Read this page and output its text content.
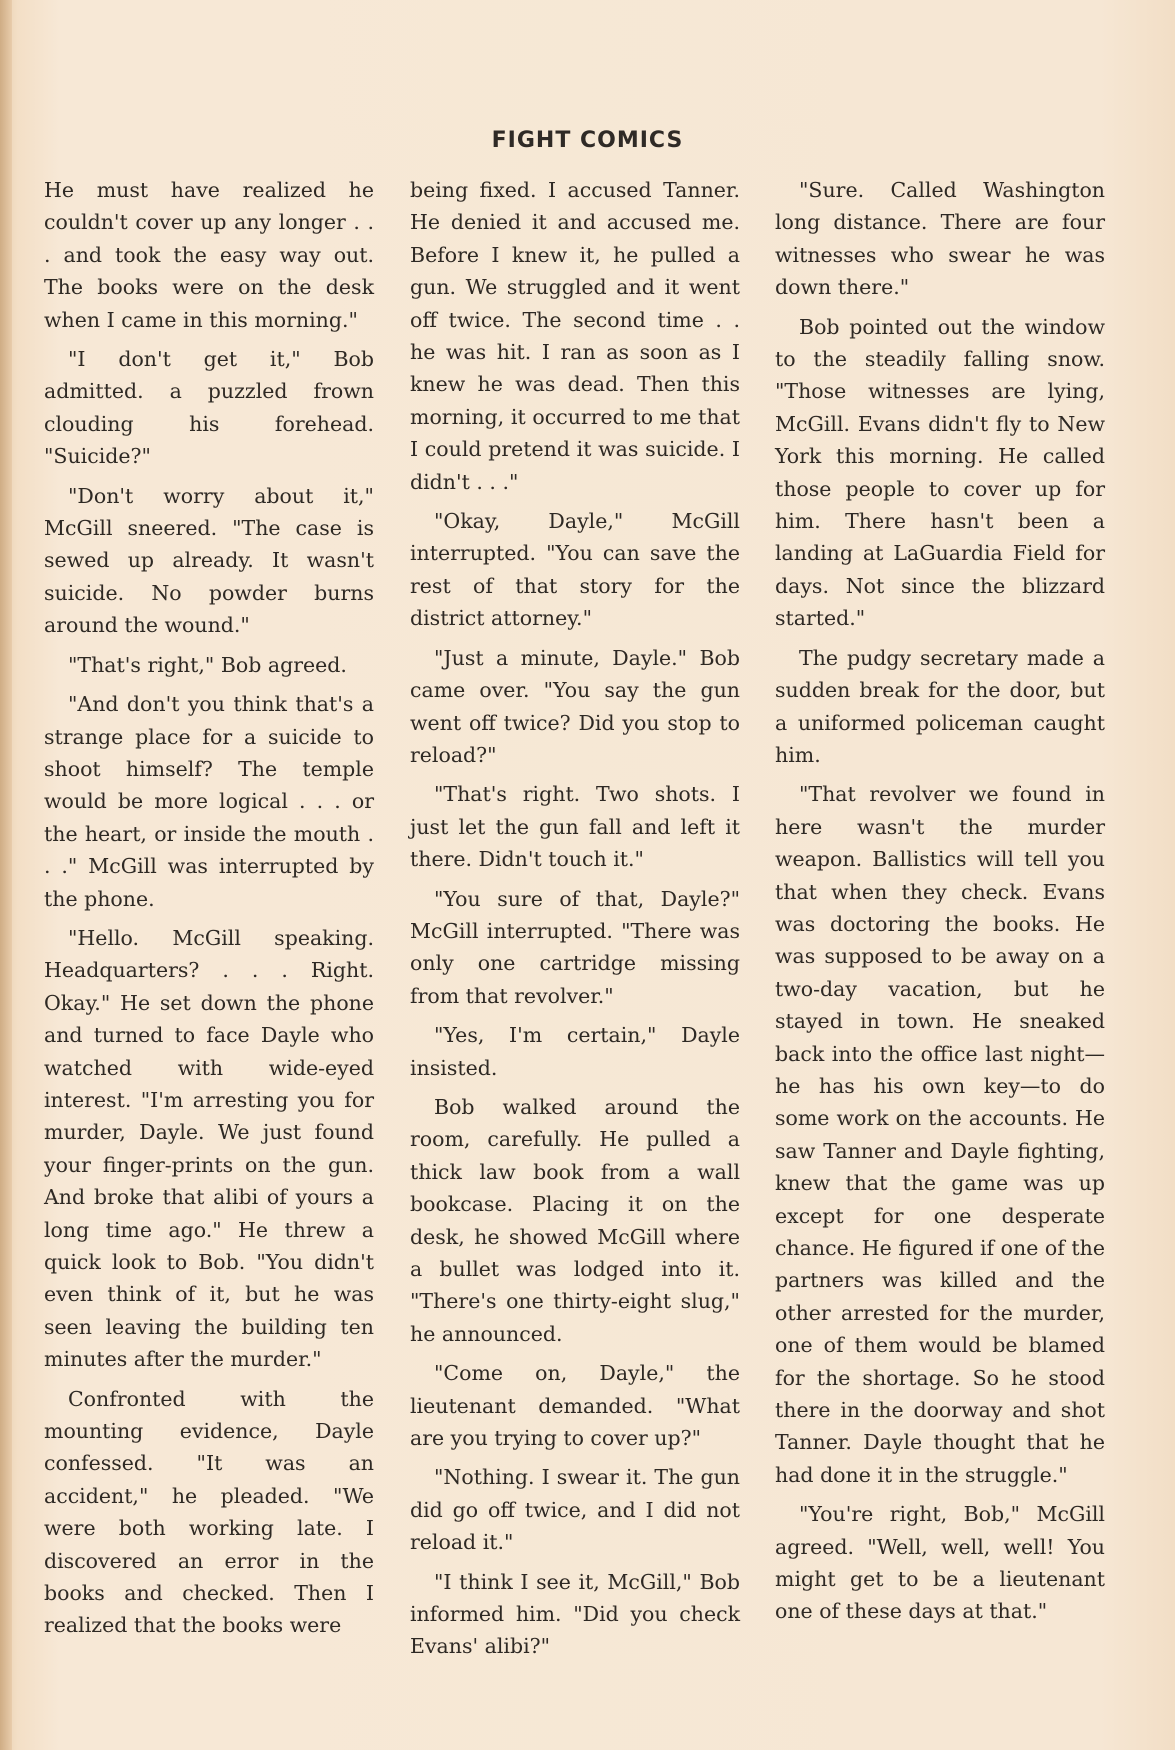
FIGHT COMICS

He must have realized he couldn't cover up any longer . . . and took the easy way out. The books were on the desk when I came in this morning."

"I don't get it," Bob admitted. a puzzled frown clouding his forehead. "Suicide?"

"Don't worry about it," McGill sneered. "The case is sewed up already. It wasn't suicide. No powder burns around the wound."

"That's right," Bob agreed.

"And don't you think that's a strange place for a suicide to shoot himself? The temple would be more logical . . . or the heart, or inside the mouth . . ." McGill was interrupted by the phone.

"Hello. McGill speaking. Headquarters? . . . Right. Okay." He set down the phone and turned to face Dayle who watched with wide-eyed interest. "I'm arresting you for murder, Dayle. We just found your finger-prints on the gun. And broke that alibi of yours a long time ago." He threw a quick look to Bob. "You didn't even think of it, but he was seen leaving the building ten minutes after the murder."

Confronted with the mounting evidence, Dayle confessed. "It was an accident," he pleaded. "We were both working late. I discovered an error in the books and checked. Then I realized that the books were

being fixed. I accused Tanner. He denied it and accused me. Before I knew it, he pulled a gun. We struggled and it went off twice. The second time . . he was hit. I ran as soon as I knew he was dead. Then this morning, it occurred to me that I could pretend it was suicide. I didn't . . ."

"Okay, Dayle," McGill interrupted. "You can save the rest of that story for the district attorney."

"Just a minute, Dayle." Bob came over. "You say the gun went off twice? Did you stop to reload?"

"That's right. Two shots. I just let the gun fall and left it there. Didn't touch it."

"You sure of that, Dayle?" McGill interrupted. "There was only one cartridge missing from that revolver."

"Yes, I'm certain," Dayle insisted.

Bob walked around the room, carefully. He pulled a thick law book from a wall bookcase. Placing it on the desk, he showed McGill where a bullet was lodged into it. "There's one thirty-eight slug," he announced.

"Come on, Dayle," the lieutenant demanded. "What are you trying to cover up?"

"Nothing. I swear it. The gun did go off twice, and I did not reload it."

"I think I see it, McGill," Bob informed him. "Did you check Evans' alibi?"

"Sure. Called Washington long distance. There are four witnesses who swear he was down there."

Bob pointed out the window to the steadily falling snow. "Those witnesses are lying, McGill. Evans didn't fly to New York this morning. He called those people to cover up for him. There hasn't been a landing at LaGuardia Field for days. Not since the blizzard started."

The pudgy secretary made a sudden break for the door, but a uniformed policeman caught him.

"That revolver we found in here wasn't the murder weapon. Ballistics will tell you that when they check. Evans was doctoring the books. He was supposed to be away on a two-day vacation, but he stayed in town. He sneaked back into the office last night—he has his own key—to do some work on the accounts. He saw Tanner and Dayle fighting, knew that the game was up except for one desperate chance. He figured if one of the partners was killed and the other arrested for the murder, one of them would be blamed for the shortage. So he stood there in the doorway and shot Tanner. Dayle thought that he had done it in the struggle."

"You're right, Bob," McGill agreed. "Well, well, well! You might get to be a lieutenant one of these days at that."
